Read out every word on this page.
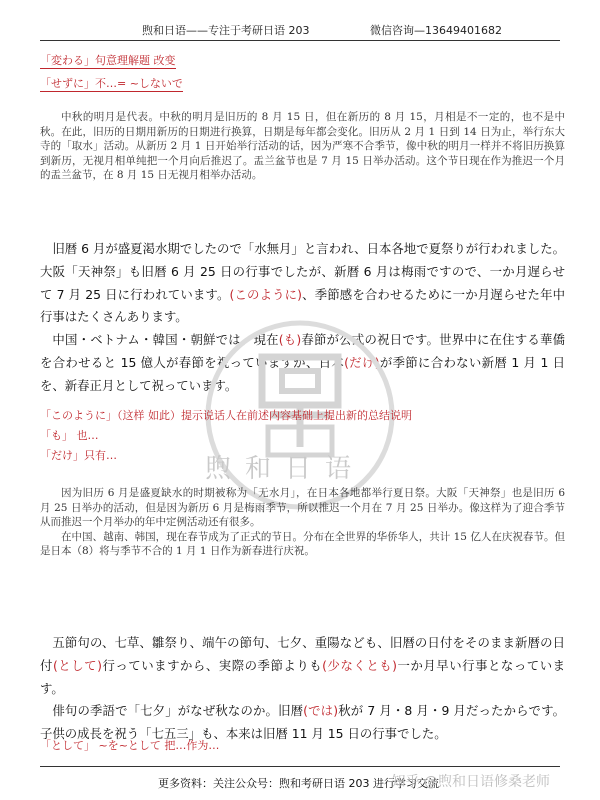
煦和日语——专注于考研日语 203	微信咨询—13649401682
「変わる」句意理解题 改变
「せずに」不…= ~しないで

中秋的明月是代表。中秋的明月是旧历的 8 月 15 日，但在新历的 8 月 15，月相是不一定的，也不是中秋。在此，旧历的日期用新历的日期进行换算，日期是每年都会变化。旧历从 2 月 1 日到 14 日为止，举行东大寺的「取水」活动。从新历 2 月 1 日开始举行活动的话，因为严寒不合季节，像中秋的明月一样并不将旧历换算到新历，无视月相单纯把一个月向后推迟了。盂兰盆节也是 7 月 15 日举办活动。这个节日现在作为推迟一个月的盂兰盆节，在 8 月 15 日无视月相举办活动。

旧暦 6 月が盛夏渇水期でしたので「水無月」と言われ、日本各地で夏祭りが行われました。大阪「天神祭」も旧暦 6 月 25 日の行事でしたが、新暦 6 月は梅雨ですので、一か月遅らせて 7 月 25 日に行われています。(このように)、季節感を合わせるために一か月遅らせた年中行事はたくさんあります。

中国・ベトナム・韓国・朝鮮では、現在(も)春節が公式の祝日です。世界中に在住する華僑を合わせると 15 億人が春節を祝っていますが、日本(だけ)が季節に合わない新暦 1 月 1 日を、新春正月として祝っています。

煦和日语
「このように」（这样 如此）提示说话人在前述内容基础上提出新的总结说明
「も」 也…
「だけ」只有…

因为旧历 6 月是盛夏缺水的时期被称为「无水月」，在日本各地都举行夏日祭。大阪「天神祭」也是旧历 6 月 25 日举办的活动，但是因为新历 6 月是梅雨季节，所以推迟一个月在 7 月 25 日举办。像这样为了迎合季节从而推迟一个月举办的年中定例活动还有很多。

在中国、越南、韩国，现在春节成为了正式的节日。分布在全世界的华侨华人，共计 15 亿人在庆祝春节。但是日本（8）将与季节不合的 1 月 1 日作为新春进行庆祝。

五節句の、七草、雛祭り、端午の節句、七夕、重陽なども、旧暦の日付をそのまま新暦の日付(として)行っていますから、実際の季節よりも(少なくとも)一か月早い行事となっています。

俳句の季語で「七夕」がなぜ秋なのか。旧暦(では)秋が 7 月・8 月・9 月だったからです。子供の成長を祝う「七五三」も、本来は旧暦 11 月 15 日の行事でした。

「として」 ~を~として 把…作为…
更多资料：关注公众号：煦和考研日语 203 进行学习交流
知乎 @煦和日语修桑老师
